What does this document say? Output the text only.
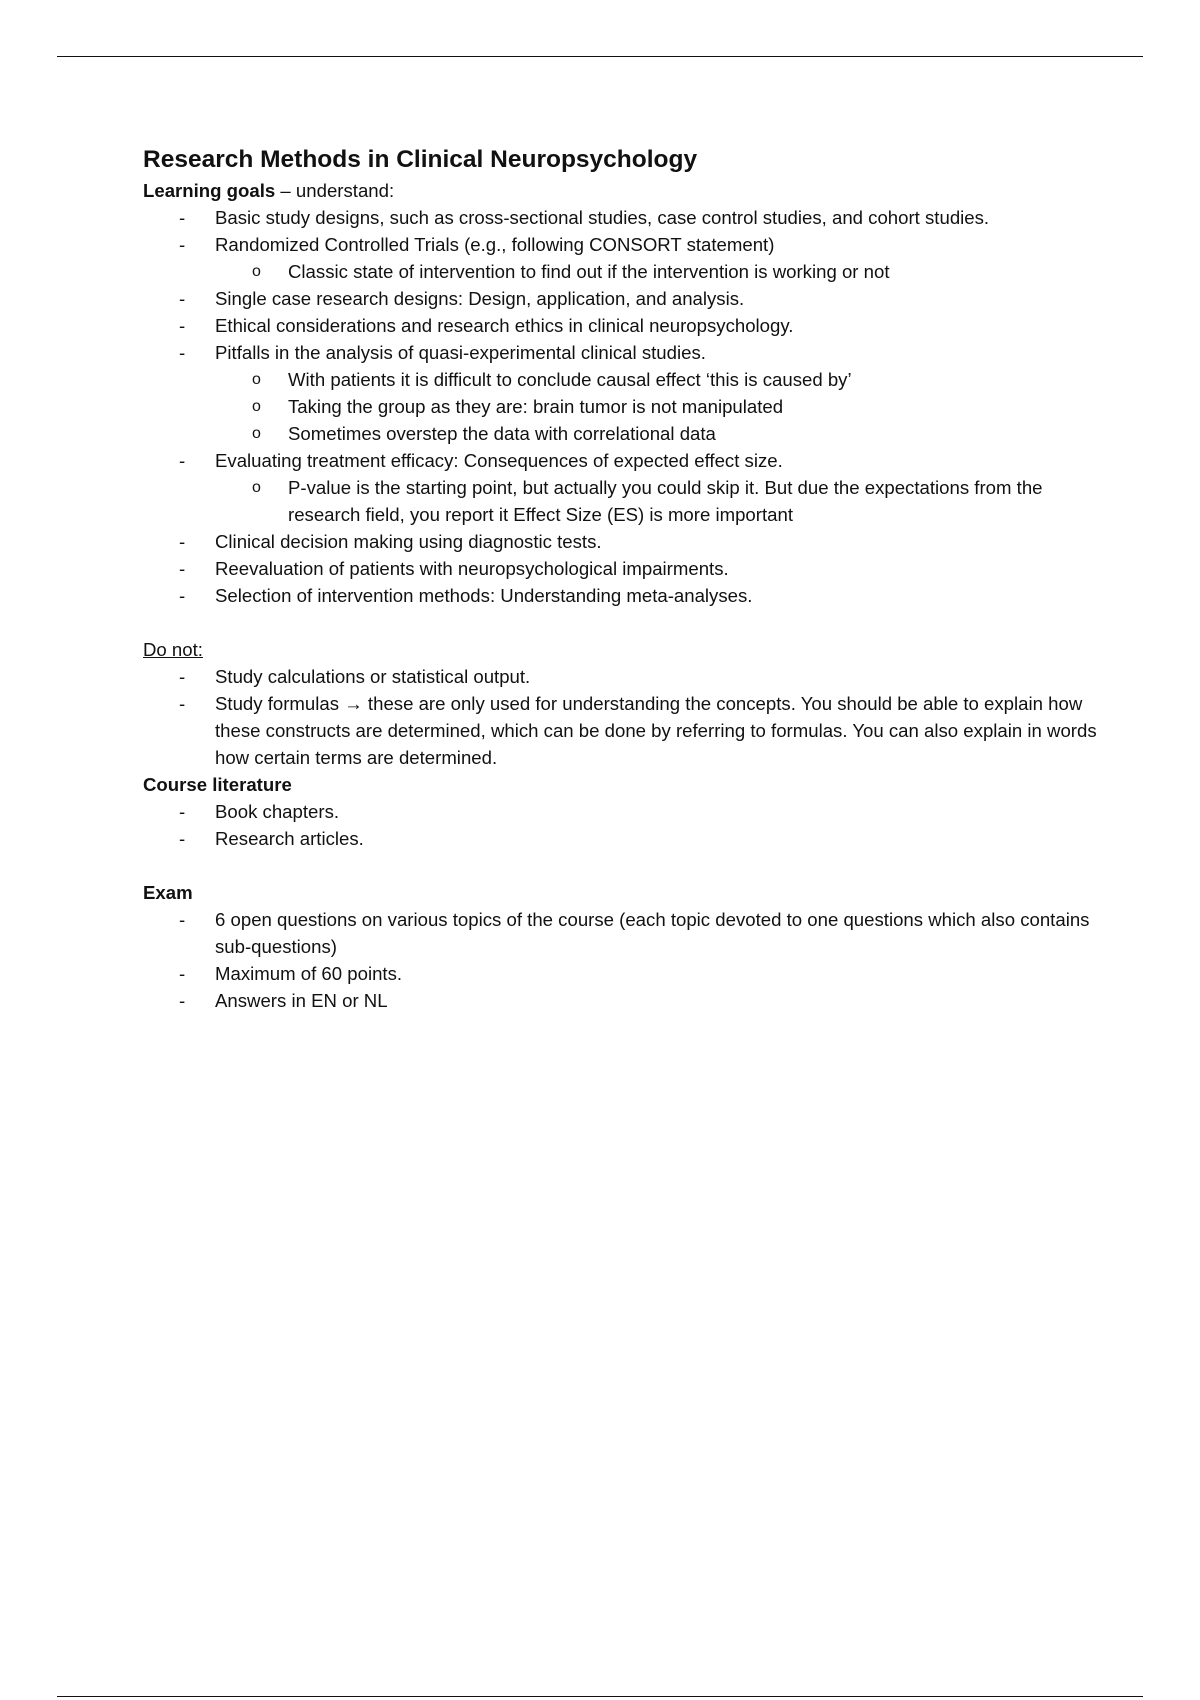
Research Methods in Clinical Neuropsychology

Learning goals – understand:

- Basic study designs, such as cross-sectional studies, case control studies, and cohort studies.
- Randomized Controlled Trials (e.g., following CONSORT statement)
o Classic state of intervention to find out if the intervention is working or not
- Single case research designs: Design, application, and analysis.
- Ethical considerations and research ethics in clinical neuropsychology.
- Pitfalls in the analysis of quasi-experimental clinical studies.
o With patients it is difficult to conclude causal effect ‘this is caused by’
o Taking the group as they are: brain tumor is not manipulated
o Sometimes overstep the data with correlational data
- Evaluating treatment efficacy: Consequences of expected effect size.
o P-value is the starting point, but actually you could skip it. But due the expectations from the research field, you report it Effect Size (ES) is more important
- Clinical decision making using diagnostic tests.
- Reevaluation of patients with neuropsychological impairments.
- Selection of intervention methods: Understanding meta-analyses.

Do not:

- Study calculations or statistical output.
- Study formulas → these are only used for understanding the concepts. You should be able to explain how these constructs are determined, which can be done by referring to formulas. You can also explain in words how certain terms are determined.

Course literature

- Book chapters.
- Research articles.

Exam

- 6 open questions on various topics of the course (each topic devoted to one questions which also contains sub-questions)
- Maximum of 60 points.
- Answers in EN or NL
